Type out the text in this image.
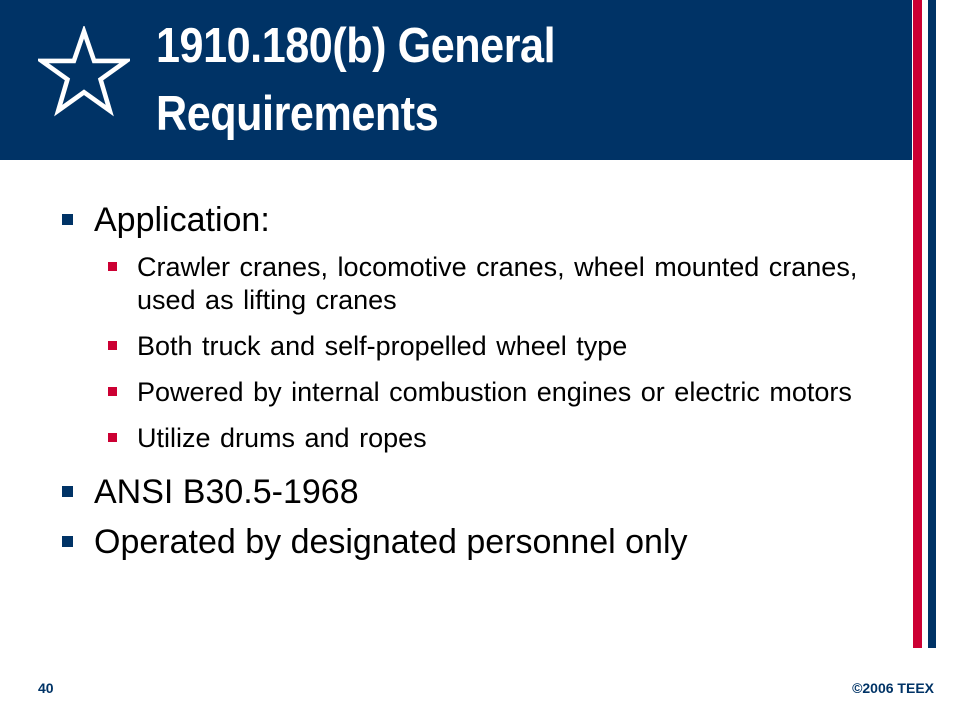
1910.180(b) General
Requirements
Application:
Crawler cranes, locomotive cranes, wheel mounted cranes, used as lifting cranes
Both truck and self-propelled wheel type
Powered by internal combustion engines or electric motors
Utilize drums and ropes
ANSI B30.5-1968
Operated by designated personnel only
40	©2006 TEEX
